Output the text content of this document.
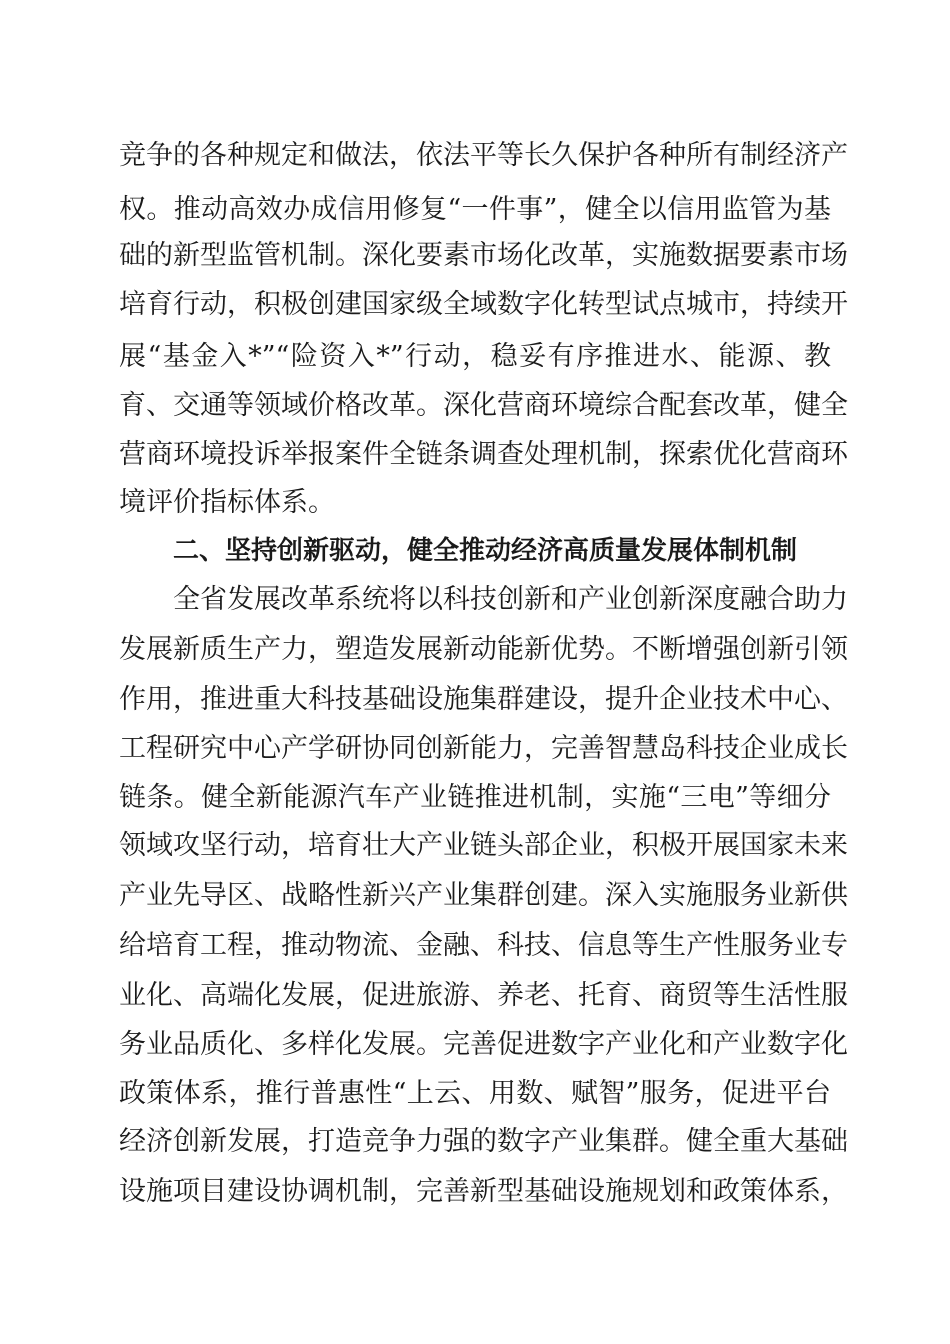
竞争的各种规定和做法，依法平等长久保护各种所有制经济产
权。推动高效办成信用修复“一件事”，健全以信用监管为基
础的新型监管机制。深化要素市场化改革，实施数据要素市场
培育行动，积极创建国家级全域数字化转型试点城市，持续开
展“基金入*”“险资入*”行动，稳妥有序推进水、能源、教
育、交通等领域价格改革。深化营商环境综合配套改革，健全
营商环境投诉举报案件全链条调查处理机制，探索优化营商环
境评价指标体系。
二、坚持创新驱动，健全推动经济高质量发展体制机制
全省发展改革系统将以科技创新和产业创新深度融合助力
发展新质生产力，塑造发展新动能新优势。不断增强创新引领
作用，推进重大科技基础设施集群建设，提升企业技术中心、
工程研究中心产学研协同创新能力，完善智慧岛科技企业成长
链条。健全新能源汽车产业链推进机制，实施“三电”等细分
领域攻坚行动，培育壮大产业链头部企业，积极开展国家未来
产业先导区、战略性新兴产业集群创建。深入实施服务业新供
给培育工程，推动物流、金融、科技、信息等生产性服务业专
业化、高端化发展，促进旅游、养老、托育、商贸等生活性服
务业品质化、多样化发展。完善促进数字产业化和产业数字化
政策体系，推行普惠性“上云、用数、赋智”服务，促进平台
经济创新发展，打造竞争力强的数字产业集群。健全重大基础
设施项目建设协调机制，完善新型基础设施规划和政策体系，
